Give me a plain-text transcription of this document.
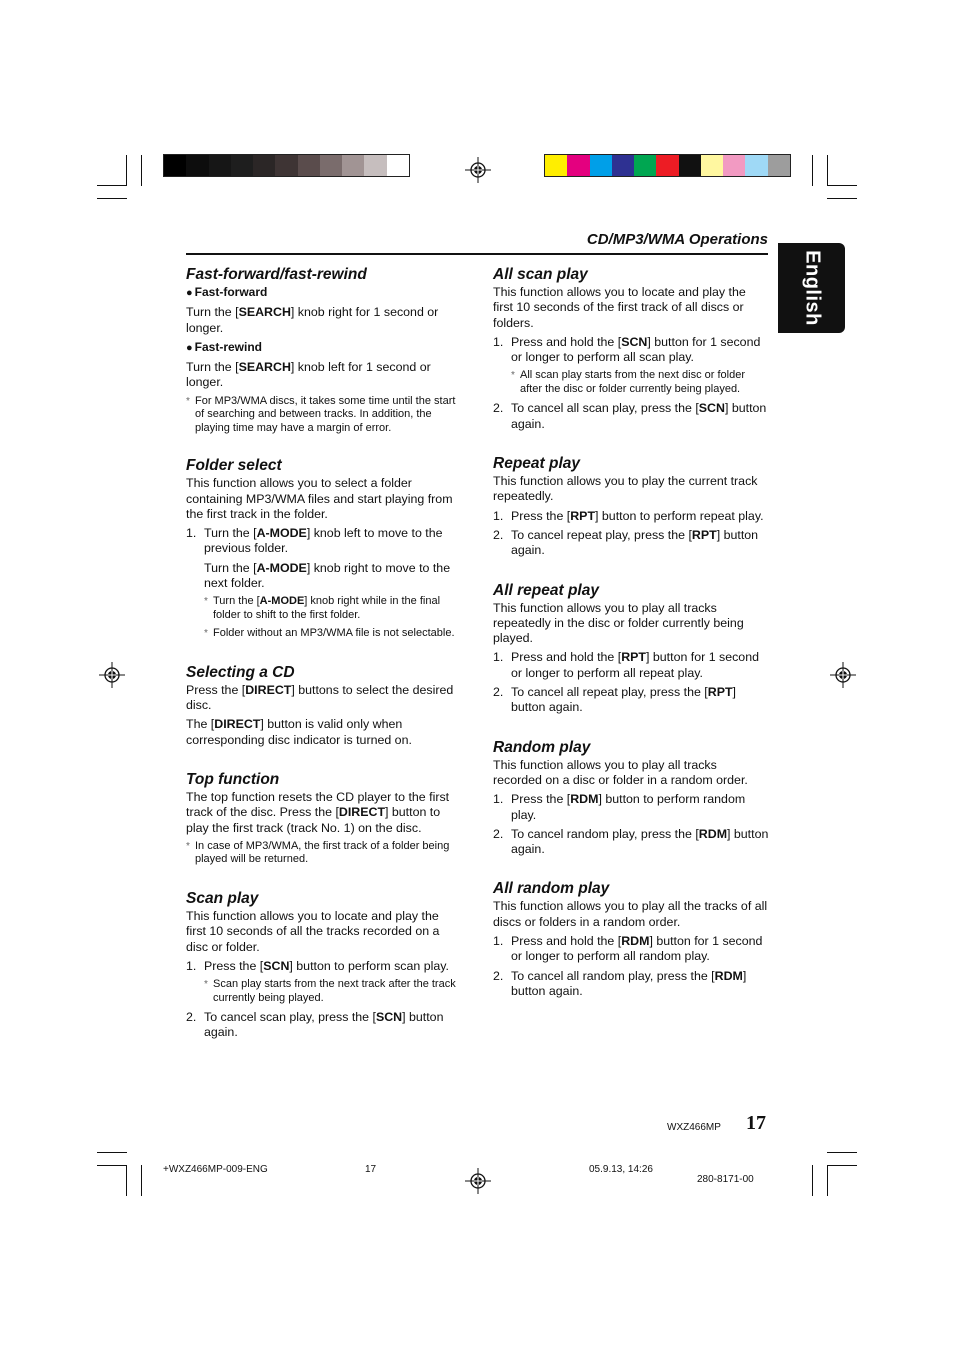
CD/MP3/WMA Operations
English
Fast-forward/fast-rewind
● Fast-forward

Turn the [SEARCH] knob right for 1 second or longer.

● Fast-rewind

Turn the [SEARCH] knob left for 1 second or longer.

* For MP3/WMA discs, it takes some time until the start of searching and between tracks. In addition, the playing time may have a margin of error.
Folder select

This function allows you to select a folder containing MP3/WMA files and start playing from the first track in the folder.

1. Turn the [A-MODE] knob left to move to the previous folder.
Turn the [A-MODE] knob right to move to the next folder.
* Turn the [A-MODE] knob right while in the final folder to shift to the first folder.
* Folder without an MP3/WMA file is not selectable.
Selecting a CD

Press the [DIRECT] buttons to select the desired disc.

The [DIRECT] button is valid only when corresponding disc indicator is turned on.

Top function

The top function resets the CD player to the first track of the disc. Press the [DIRECT] button to play the first track (track No. 1) on the disc.

* In case of MP3/WMA, the first track of a folder being played will be returned.
Scan play

This function allows you to locate and play the first 10 seconds of all the tracks recorded on a disc or folder.

1. Press the [SCN] button to perform scan play.
* Scan play starts from the next track after the track currently being played.
2. To cancel scan play, press the [SCN] button again.
All scan play

This function allows you to locate and play the first 10 seconds of the first track of all discs or folders.

1. Press and hold the [SCN] button for 1 second or longer to perform all scan play.
* All scan play starts from the next disc or folder after the disc or folder currently being played.
2. To cancel all scan play, press the [SCN] button again.
Repeat play

This function allows you to play the current track repeatedly.

1. Press the [RPT] button to perform repeat play.
2. To cancel repeat play, press the [RPT] button again.
All repeat play

This function allows you to play all tracks repeatedly in the disc or folder currently being played.

1. Press and hold the [RPT] button for 1 second or longer to perform all repeat play.
2. To cancel all repeat play, press the [RPT] button again.
Random play

This function allows you to play all tracks recorded on a disc or folder in a random order.

1. Press the [RDM] button to perform random play.
2. To cancel random play, press the [RDM] button again.
All random play

This function allows you to play all the tracks of all discs or folders in a random order.

1. Press and hold the [RDM] button for 1 second or longer to perform all random play.
2. To cancel all random play, press the [RDM] button again.
WXZ466MP 17
+WXZ466MP-009-ENG	17	05.9.13, 14:26
280-8171-00
